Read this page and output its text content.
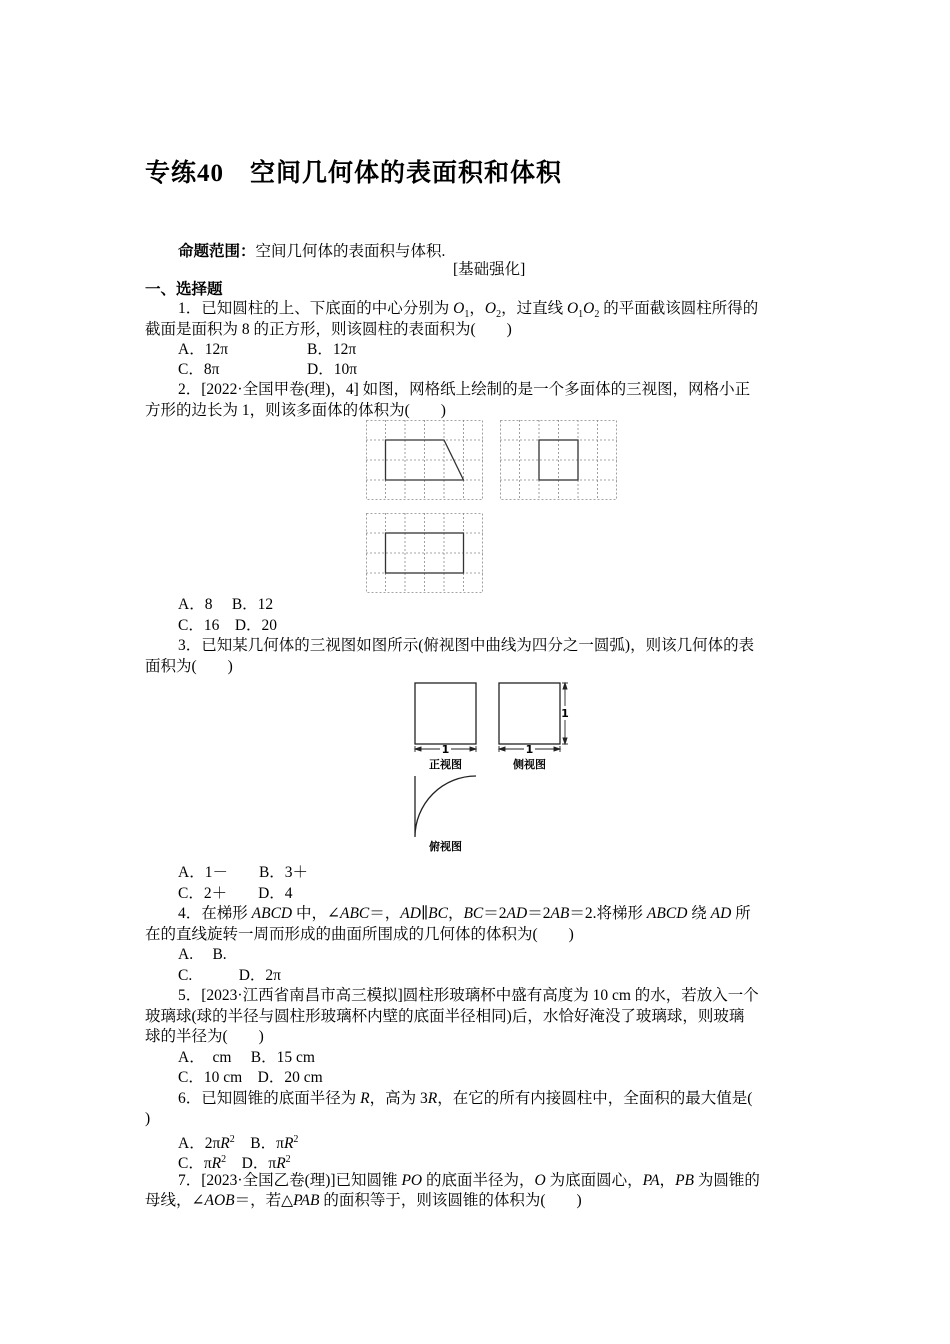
专练40　空间几何体的表面积和体积
命题范围：空间几何体的表面积与体积.
[基础强化]
一、选择题
1．已知圆柱的上、下底面的中心分别为 $O_1$，$O_2$，过直线 $O_1O_2$ 的平面截该圆柱所得的
截面是面积为 8 的正方形，则该圆柱的表面积为(　　)
A．12π	B．12π
C．8π	D．10π
2．[2022·全国甲卷(理)，4] 如图，网格纸上绘制的是一个多面体的三视图，网格小正
方形的边长为 1，则该多面体的体积为(　　)
A．8　 B．12
C．16　D．20
3．已知某几何体的三视图如图所示(俯视图中曲线为四分之一圆弧)，则该几何体的表
面积为(　　)
1
正视图
1
1
侧视图
俯视图
A．1－　　B．3＋
C．2＋　　D．4
4．在梯形 ABCD 中，∠ABC＝，AD∥BC，BC＝2AD＝2AB＝2.将梯形 ABCD 绕 AD 所
在的直线旋转一周而形成的曲面所围成的几何体的体积为(　　)
A.　 B.
C.　　　D．2π
5．[2023·江西省南昌市高三模拟]圆柱形玻璃杯中盛有高度为 10 cm 的水，若放入一个
玻璃球(球的半径与圆柱形玻璃杯内壁的底面半径相同)后，水恰好淹没了玻璃球，则玻璃
球的半径为(　　)
A．　cm　 B．15 cm
C．10 cm　D．20 cm
6．已知圆锥的底面半径为 R，高为 3R，在它的所有内接圆柱中，全面积的最大值是(
)
A．$2\pi R^2$　 B．$\pi R^2$
C．$\pi R^2$　 D．$\pi R^2$
7．[2023·全国乙卷(理)]已知圆锥 PO 的底面半径为，O 为底面圆心，PA，PB 为圆锥的
母线，∠AOB＝，若△PAB 的面积等于，则该圆锥的体积为(　　)
